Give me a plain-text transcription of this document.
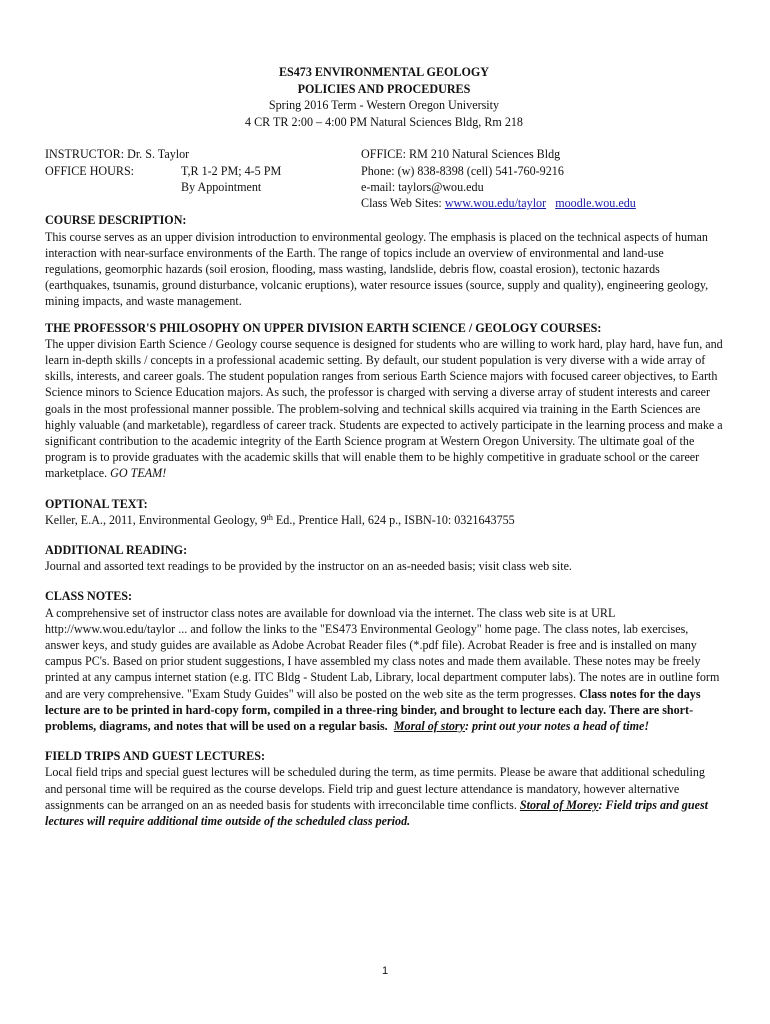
ES473 ENVIRONMENTAL GEOLOGY
POLICIES AND PROCEDURES
Spring 2016 Term - Western Oregon University
4 CR TR 2:00 – 4:00 PM Natural Sciences Bldg, Rm 218
INSTRUCTOR: Dr. S. Taylor
OFFICE HOURS:	T,R 1-2 PM; 4-5 PM
By Appointment
OFFICE: RM 210 Natural Sciences Bldg
Phone: (w) 838-8398 (cell) 541-760-9216
e-mail: taylors@wou.edu
Class Web Sites: www.wou.edu/taylor moodle.wou.edu

COURSE DESCRIPTION:

This course serves as an upper division introduction to environmental geology. The emphasis is placed on the technical aspects of human interaction with near-surface environments of the Earth. The range of topics include an overview of environmental and land-use regulations, geomorphic hazards (soil erosion, flooding, mass wasting, landslide, debris flow, coastal erosion), tectonic hazards (earthquakes, tsunamis, ground disturbance, volcanic eruptions), water resource issues (source, supply and quality), engineering geology, mining impacts, and waste management.

THE PROFESSOR'S PHILOSOPHY ON UPPER DIVISION EARTH SCIENCE / GEOLOGY COURSES:

The upper division Earth Science / Geology course sequence is designed for students who are willing to work hard, play hard, have fun, and learn in-depth skills / concepts in a professional academic setting. By default, our student population is very diverse with a wide array of skills, interests, and career goals. The student population ranges from serious Earth Science majors with focused career objectives, to Earth Science minors to Science Education majors. As such, the professor is charged with serving a diverse array of student interests and career goals in the most professional manner possible. The problem-solving and technical skills acquired via training in the Earth Sciences are highly valuable (and marketable), regardless of career track. Students are expected to actively participate in the learning process and make a significant contribution to the academic integrity of the Earth Science program at Western Oregon University. The ultimate goal of the program is to provide graduates with the academic skills that will enable them to be highly competitive in graduate school or the career marketplace. GO TEAM!

OPTIONAL TEXT:

Keller, E.A., 2011, Environmental Geology, 9th Ed., Prentice Hall, 624 p., ISBN-10: 0321643755

ADDITIONAL READING:

Journal and assorted text readings to be provided by the instructor on an as-needed basis; visit class web site.

CLASS NOTES:

A comprehensive set of instructor class notes are available for download via the internet. The class web site is at URL http://www.wou.edu/taylor ... and follow the links to the "ES473 Environmental Geology" home page. The class notes, lab exercises, answer keys, and study guides are available as Adobe Acrobat Reader files (*.pdf file). Acrobat Reader is free and is installed on many campus PC's. Based on prior student suggestions, I have assembled my class notes and made them available. These notes may be freely printed at any campus internet station (e.g. ITC Bldg - Student Lab, Library, local department computer labs). The notes are in outline form and are very comprehensive. "Exam Study Guides" will also be posted on the web site as the term progresses. Class notes for the days lecture are to be printed in hard-copy form, compiled in a three-ring binder, and brought to lecture each day. There are short-problems, diagrams, and notes that will be used on a regular basis. Moral of story: print out your notes a head of time!

FIELD TRIPS AND GUEST LECTURES:

Local field trips and special guest lectures will be scheduled during the term, as time permits. Please be aware that additional scheduling and personal time will be required as the course develops. Field trip and guest lecture attendance is mandatory, however alternative assignments can be arranged on an as needed basis for students with irreconcilable time conflicts. Storal of Morey: Field trips and guest lectures will require additional time outside of the scheduled class period.

1
